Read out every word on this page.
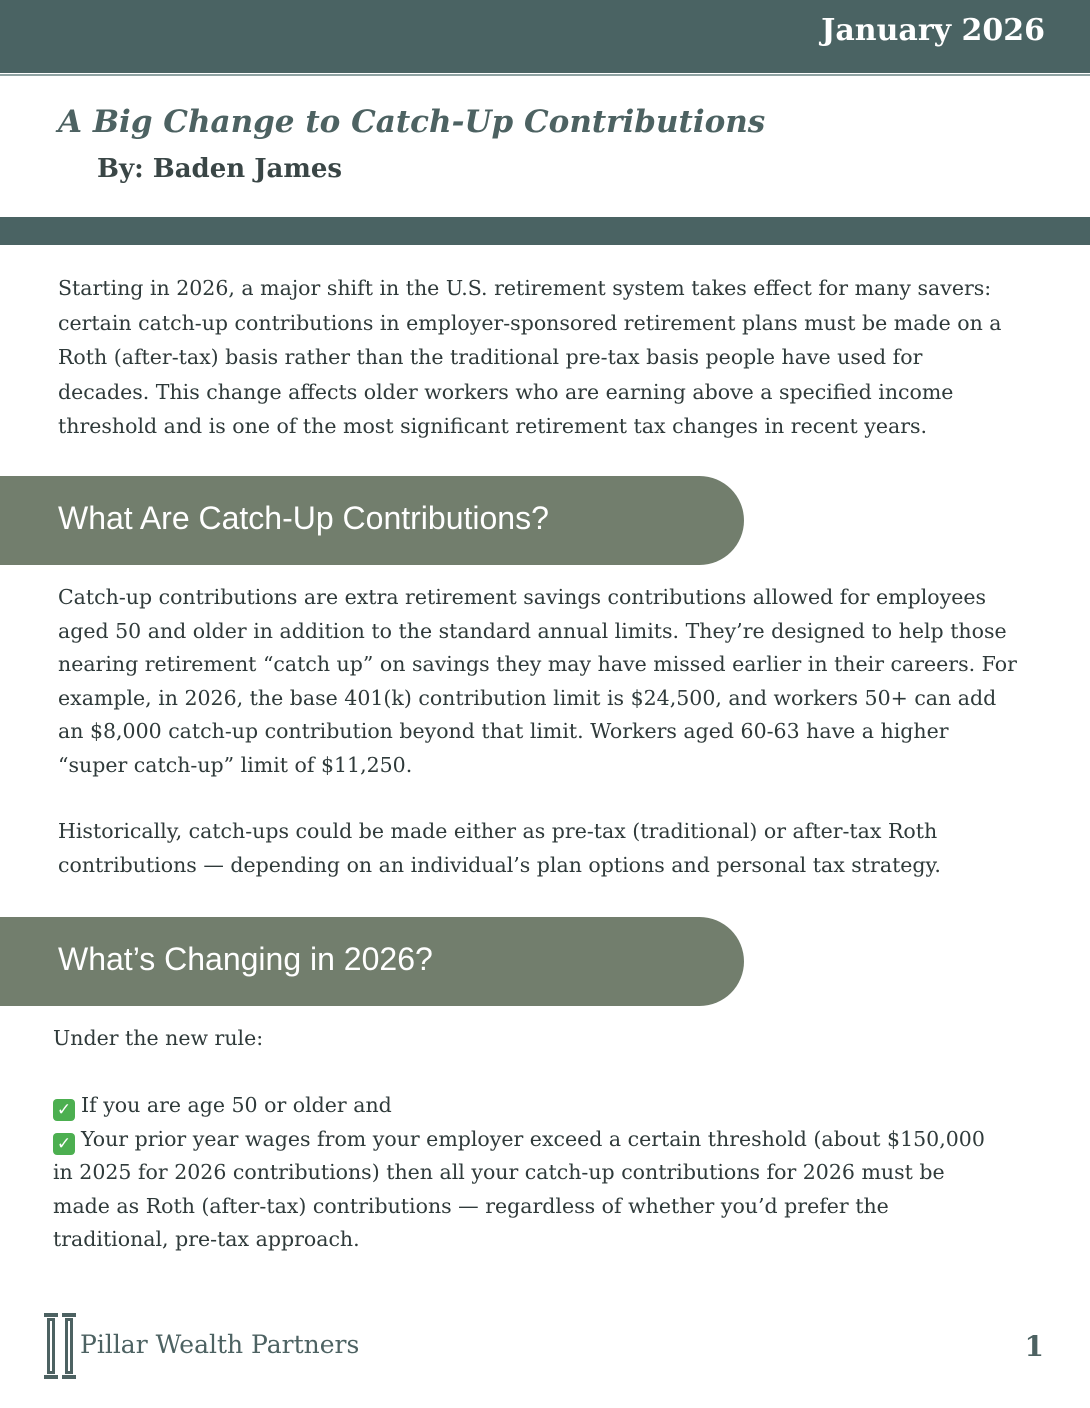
January 2026
A Big Change to Catch-Up Contributions

By: Baden James

Starting in 2026, a major shift in the U.S. retirement system takes effect for many savers: certain catch-up contributions in employer-sponsored retirement plans must be made on a Roth (after-tax) basis rather than the traditional pre-tax basis people have used for decades. This change affects older workers who are earning above a specified income threshold and is one of the most significant retirement tax changes in recent years.

What Are Catch-Up Contributions?

Catch-up contributions are extra retirement savings contributions allowed for employees aged 50 and older in addition to the standard annual limits. They’re designed to help those nearing retirement “catch up” on savings they may have missed earlier in their careers. For example, in 2026, the base 401(k) contribution limit is $24,500, and workers 50+ can add an $8,000 catch-up contribution beyond that limit. Workers aged 60-63 have a higher “super catch-up” limit of $11,250.

Historically, catch-ups could be made either as pre-tax (traditional) or after-tax Roth contributions — depending on an individual’s plan options and personal tax strategy.

What’s Changing in 2026?

Under the new rule:

✓ If you are age 50 or older and
✓ Your prior year wages from your employer exceed a certain threshold (about $150,000 in 2025 for 2026 contributions) then all your catch-up contributions for 2026 must be made as Roth (after-tax) contributions — regardless of whether you’d prefer the traditional, pre-tax approach.

Pillar Wealth Partners	1
